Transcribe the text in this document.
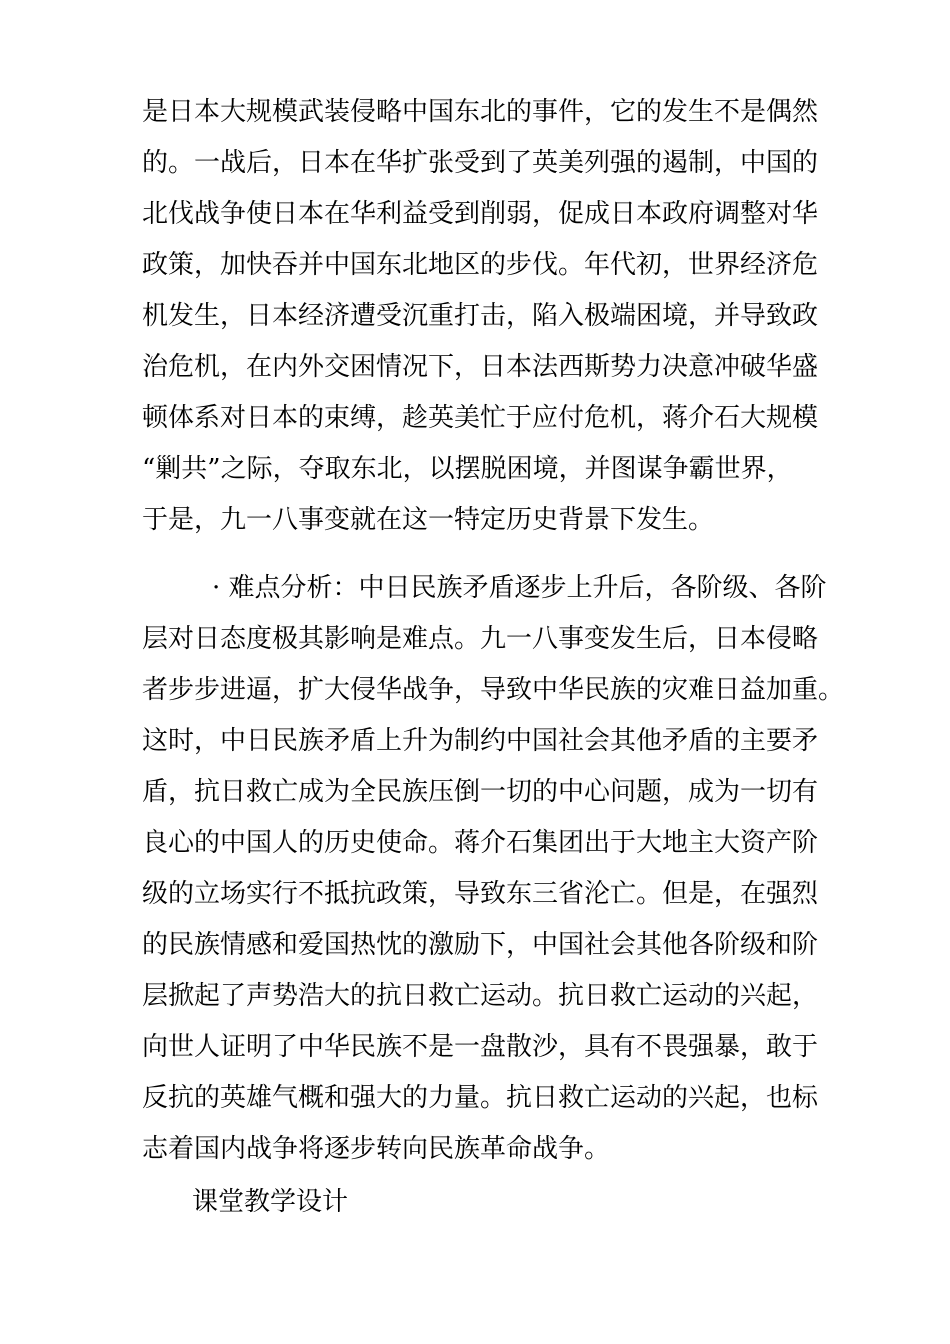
是日本大规模武装侵略中国东北的事件，它的发生不是偶然
的。一战后，日本在华扩张受到了英美列强的遏制，中国的
北伐战争使日本在华利益受到削弱，促成日本政府调整对华
政策，加快吞并中国东北地区的步伐。年代初，世界经济危
机发生，日本经济遭受沉重打击，陷入极端困境，并导致政
治危机，在内外交困情况下，日本法西斯势力决意冲破华盛
顿体系对日本的束缚，趁英美忙于应付危机，蒋介石大规模
“剿共”之际，夺取东北，以摆脱困境，并图谋争霸世界，
于是，九一八事变就在这一特定历史背景下发生。
· 难点分析：中日民族矛盾逐步上升后，各阶级、各阶
层对日态度极其影响是难点。九一八事变发生后，日本侵略
者步步进逼，扩大侵华战争，导致中华民族的灾难日益加重。
这时，中日民族矛盾上升为制约中国社会其他矛盾的主要矛
盾，抗日救亡成为全民族压倒一切的中心问题，成为一切有
良心的中国人的历史使命。蒋介石集团出于大地主大资产阶
级的立场实行不抵抗政策，导致东三省沦亡。但是，在强烈
的民族情感和爱国热忱的激励下，中国社会其他各阶级和阶
层掀起了声势浩大的抗日救亡运动。抗日救亡运动的兴起，
向世人证明了中华民族不是一盘散沙，具有不畏强暴，敢于
反抗的英雄气概和强大的力量。抗日救亡运动的兴起，也标
志着国内战争将逐步转向民族革命战争。
课堂教学设计
